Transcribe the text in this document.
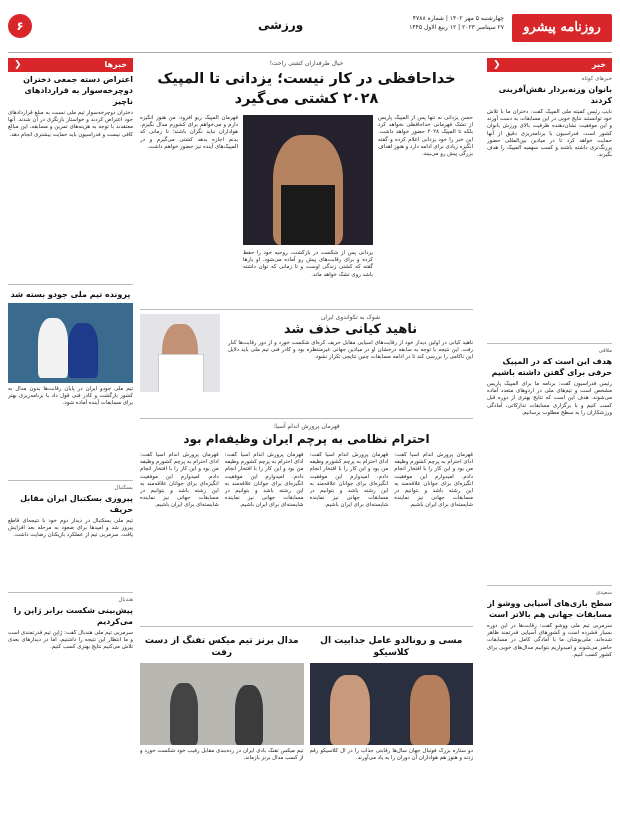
روزنامه پیشرو
چهارشنبه ۵ مهر ۱۴۰۲ | شماره ۴۷۸۸
۲۷ سپتامبر ۲۰۲۳ | ۱۲ ربیع الاول ۱۴۴۵
ورزشی
۶
خبر
❮
خبرهای کوتاه
بانوان وزنه‌بردار نقش‌آفرینی کردند
نایب رئیس کمیته ملی المپیک گفت: دختران ما با تلاش خود توانستند نتایج خوبی در این مسابقات به دست آورند و این موفقیت نشان‌دهنده ظرفیت بالای ورزش بانوان کشور است. فدراسیون با برنامه‌ریزی دقیق از آنها حمایت خواهد کرد تا در میادین بین‌المللی حضور پررنگ‌تری داشته باشند و کسب سهمیه المپیک را هدف بگیرند.
ملاقی
هدف این است که در المپیک حرفی برای گفتن داشته باشیم
رئیس فدراسیون گفت: برنامه ما برای المپیک پاریس مشخص است و تیم‌های ملی در اردوهای متعدد آماده می‌شوند. هدف این است که نتایج بهتری از دوره قبل کسب کنیم و با برگزاری مسابقات تدارکاتی، آمادگی ورزشکاران را به سطح مطلوب برسانیم.
سعیدی
سطح بازی‌های آسیایی ووشو از مسابقات جهانی هم بالاتر است
سرمربی تیم ملی ووشو گفت: رقابت‌ها در این دوره بسیار فشرده است و کشورهای آسیایی قدرتمند ظاهر شده‌اند. ملی‌پوشان ما با آمادگی کامل در مسابقات حاضر می‌شوند و امیدواریم بتوانیم مدال‌های خوبی برای کشور کسب کنیم.
خبرها
❮
اعتراض دسته جمعی دختران دوچرخه‌سوار به قراردادهای ناچیز
دختران دوچرخه‌سوار تیم ملی نسبت به مبلغ قراردادهای خود اعتراض کردند و خواستار بازنگری در آن شدند. آنها معتقدند با توجه به هزینه‌های تمرین و مسابقه، این مبالغ کافی نیست و فدراسیون باید حمایت بیشتری انجام دهد.
پرونده تیم ملی جودو بسته شد
تیم ملی جودو ایران در پایان رقابت‌ها بدون مدال به کشور بازگشت و کادر فنی قول داد با برنامه‌ریزی بهتر برای مسابقات آینده آماده شود.
بسکتبال
پیروزی بسکتبال ایران مقابل حریف
تیم ملی بسکتبال در دیدار دوم خود با نتیجه‌ای قاطع پیروز شد و امیدها برای صعود به مرحله بعد افزایش یافت. سرمربی تیم از عملکرد بازیکنان رضایت داشت.
هندبال
پیش‌بینی شکست برابر ژاپن را می‌کردیم
سرمربی تیم ملی هندبال گفت: ژاپن تیم قدرتمندی است و ما انتظار این نتیجه را داشتیم، اما در دیدارهای بعدی تلاش می‌کنیم نتایج بهتری کسب کنیم.
خیال طرفداران کشتی راحت!
خداحافظی در کار نیست؛ یزدانی تا المپیک ۲۰۲۸ کشتی می‌گیرد
حسن یزدانی نه تنها پس از المپیک پاریس از تشک فهرمانی خداحافظی نخواهد کرد بلکه تا المپیک ۲۰۲۸ حضور خواهد داشت. این خبر را خود یزدانی اعلام کرده و گفته انگیزه زیادی برای ادامه دارد و هنوز اهداف بزرگی پیش رو می‌بیند.
یزدانی پس از شکست در بازگشت، روحیه خود را حفظ کرده و برای رقابت‌های پیش رو آماده می‌شود. او بارها گفته که کشتی زندگی اوست و تا زمانی که توان داشته باشد روی تشک خواهد ماند.
قهرمان المپیک ریو افزود: من هنوز انگیزه دارم و می‌خواهم برای کشورم مدال بگیرم. هواداران نباید نگران باشند؛ تا زمانی که بدنم اجازه بدهد کشتی می‌گیرم و در المپیک‌های آینده نیز حضور خواهم داشت.
شوک به تکواندوی ایران
ناهید کیانی حذف شد
ناهید کیانی در اولین دیدار خود از رقابت‌های آسیایی مقابل حریف کره‌ای شکست خورد و از دور رقابت‌ها کنار رفت. این نتیجه با توجه به سابقه درخشان او در میادین جهانی غیرمنتظره بود و کادر فنی تیم ملی باید دلایل این ناکامی را بررسی کند تا در ادامه مسابقات چنین نتایجی تکرار نشود.
قهرمان پرورش اندام آسیا:
احترام نظامی به پرچم ایران وظیفه‌ام بود
قهرمان پرورش اندام آسیا گفت: ادای احترام به پرچم کشورم وظیفه من بود و این کار را با افتخار انجام دادم. امیدوارم این موفقیت انگیزه‌ای برای جوانان علاقه‌مند به این رشته باشد و بتوانیم در مسابقات جهانی نیز نماینده شایسته‌ای برای ایران باشیم.
قهرمان پرورش اندام آسیا گفت: ادای احترام به پرچم کشورم وظیفه من بود و این کار را با افتخار انجام دادم. امیدوارم این موفقیت انگیزه‌ای برای جوانان علاقه‌مند به این رشته باشد و بتوانیم در مسابقات جهانی نیز نماینده شایسته‌ای برای ایران باشیم.
قهرمان پرورش اندام آسیا گفت: ادای احترام به پرچم کشورم وظیفه من بود و این کار را با افتخار انجام دادم. امیدوارم این موفقیت انگیزه‌ای برای جوانان علاقه‌مند به این رشته باشد و بتوانیم در مسابقات جهانی نیز نماینده شایسته‌ای برای ایران باشیم.
قهرمان پرورش اندام آسیا گفت: ادای احترام به پرچم کشورم وظیفه من بود و این کار را با افتخار انجام دادم. امیدوارم این موفقیت انگیزه‌ای برای جوانان علاقه‌مند به این رشته باشد و بتوانیم در مسابقات جهانی نیز نماینده شایسته‌ای برای ایران باشیم.
مسی و رونالدو عامل جذابیت ال کلاسیکو
دو ستاره بزرگ فوتبال جهان سال‌ها رقابتی جذاب را در ال کلاسیکو رقم زدند و هنوز هم هواداران آن دوران را به یاد می‌آورند.
مدال برنز تیم میکس تفنگ از دست رفت
تیم میکس تفنگ بادی ایران در رده‌بندی مقابل رقیب خود شکست خورد و از کسب مدال برنز بازماند.
